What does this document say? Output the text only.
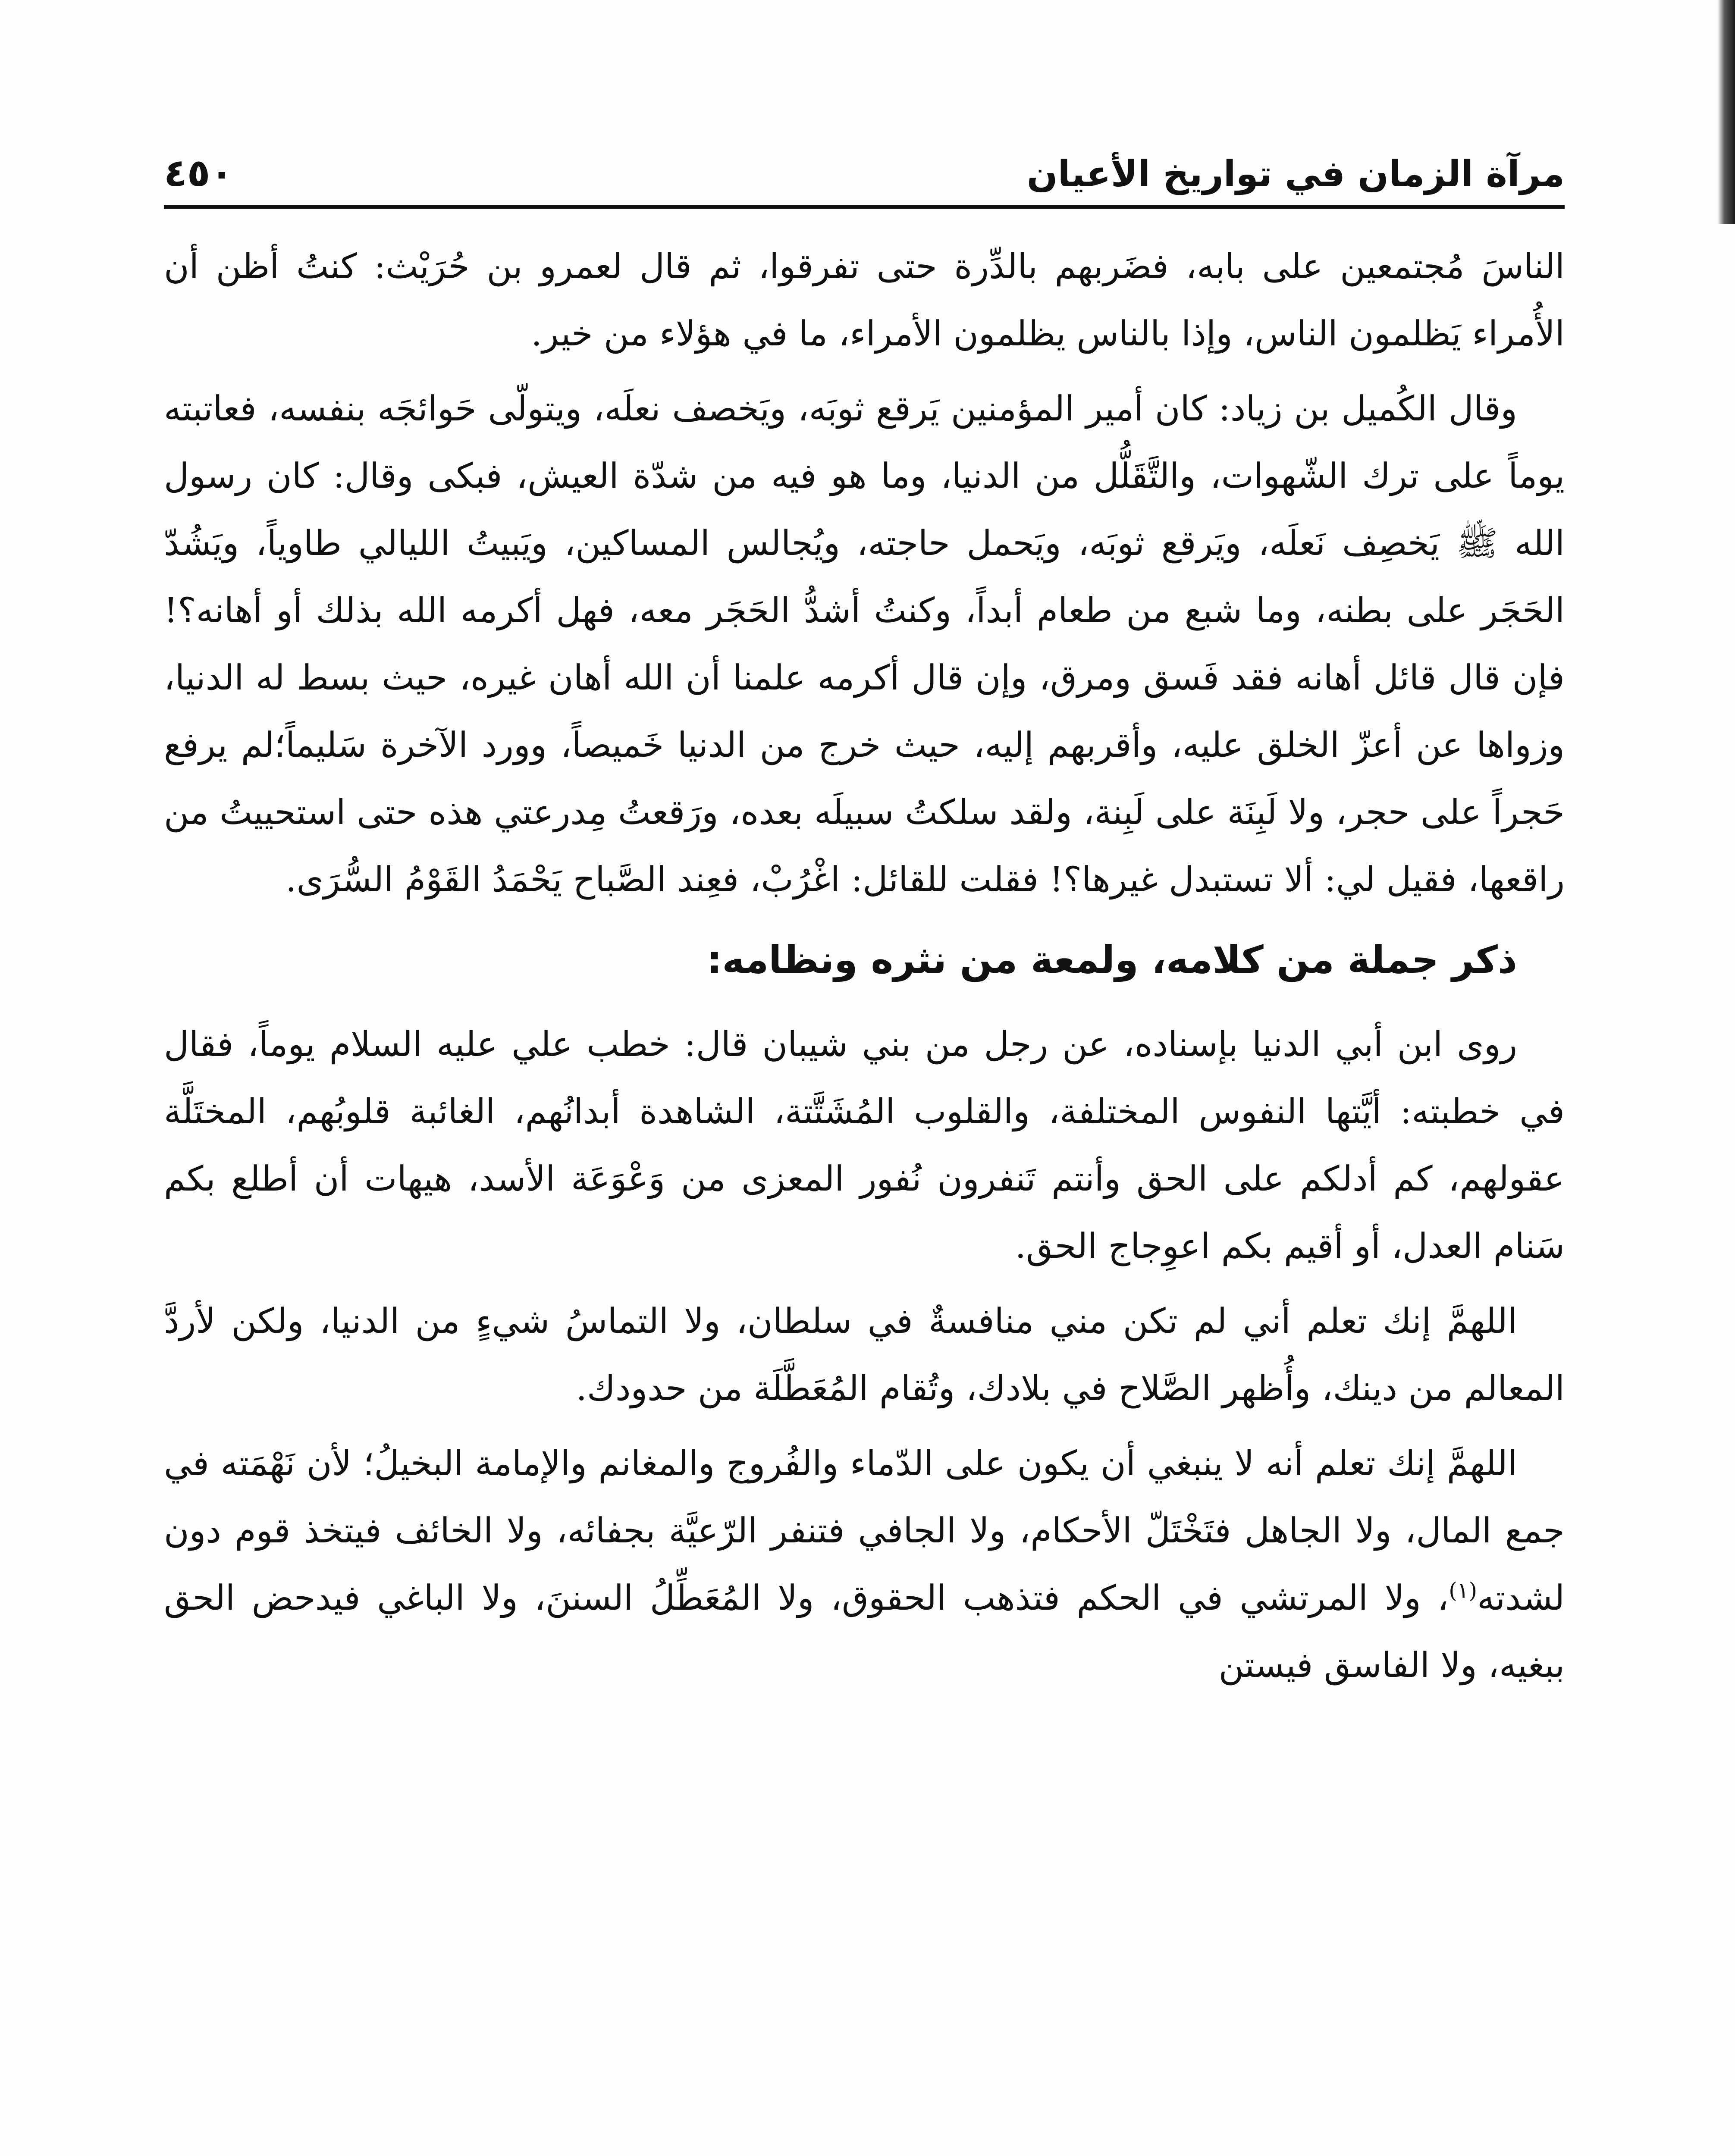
مرآة الزمان في تواريخ الأعيان
٤٥٠

الناسَ مُجتمعين على بابه، فضَربهم بالدِّرة حتى تفرقوا، ثم قال لعمرو بن حُرَيْث: كنتُ أظن أن الأُمراء يَظلمون الناس، وإذا بالناس يظلمون الأمراء، ما في هؤلاء من خير.

وقال الكُميل بن زياد: كان أمير المؤمنين يَرقع ثوبَه، ويَخصف نعلَه، ويتولّى حَوائجَه بنفسه، فعاتبته يوماً على ترك الشّهوات، والتَّقَلُّل من الدنيا، وما هو فيه من شدّة العيش، فبكى وقال: كان رسول الله ﷺ يَخصِف نَعلَه، ويَرقع ثوبَه، ويَحمل حاجته، ويُجالس المساكين، ويَبيتُ الليالي طاوياً، ويَشُدّ الحَجَر على بطنه، وما شبع من طعام أبداً، وكنتُ أشدُّ الحَجَر معه، فهل أكرمه الله بذلك أو أهانه؟! فإن قال قائل أهانه فقد فَسق ومرق، وإن قال أكرمه علمنا أن الله أهان غيره، حيث بسط له الدنيا، وزواها عن أعزّ الخلق عليه، وأقربهم إليه، حيث خرج من الدنيا خَميصاً، وورد الآخرة سَليماً؛لم يرفع حَجراً على حجر، ولا لَبِنَة على لَبِنة، ولقد سلكتُ سبيلَه بعده، ورَقعتُ مِدرعتي هذه حتى استحييتُ من راقعها، فقيل لي: ألا تستبدل غيرها؟! فقلت للقائل: اغْرُبْ، فعِند الصَّباح يَحْمَدُ القَوْمُ السُّرَى.

ذكر جملة من كلامه، ولمعة من نثره ونظامه:

روى ابن أبي الدنيا بإسناده، عن رجل من بني شيبان قال: خطب علي عليه السلام يوماً، فقال في خطبته: أيَّتها النفوس المختلفة، والقلوب المُشَتَّتة، الشاهدة أبدانُهم، الغائبة قلوبُهم، المختَلَّة عقولهم، كم أدلكم على الحق وأنتم تَنفرون نُفور المعزى من وَعْوَعَة الأسد، هيهات أن أطلع بكم سَنام العدل، أو أقيم بكم اعوِجاج الحق.

اللهمَّ إنك تعلم أني لم تكن مني منافسةٌ في سلطان، ولا التماسُ شيءٍ من الدنيا، ولكن لأردَّ المعالم من دينك، وأُظهر الصَّلاح في بلادك، وتُقام المُعَطَّلَة من حدودك.

اللهمَّ إنك تعلم أنه لا ينبغي أن يكون على الدّماء والفُروج والمغانم والإمامة البخيلُ؛ لأن نَهْمَته في جمع المال، ولا الجاهل فتَخْتَلّ الأحكام، ولا الجافي فتنفر الرّعيَّة بجفائه، ولا الخائف فيتخذ قوم دون لشدته$^{(١)}$، ولا المرتشي في الحكم فتذهب الحقوق، ولا المُعَطِّلُ السننَ، ولا الباغي فيدحض الحق ببغيه، ولا الفاسق فيستن
